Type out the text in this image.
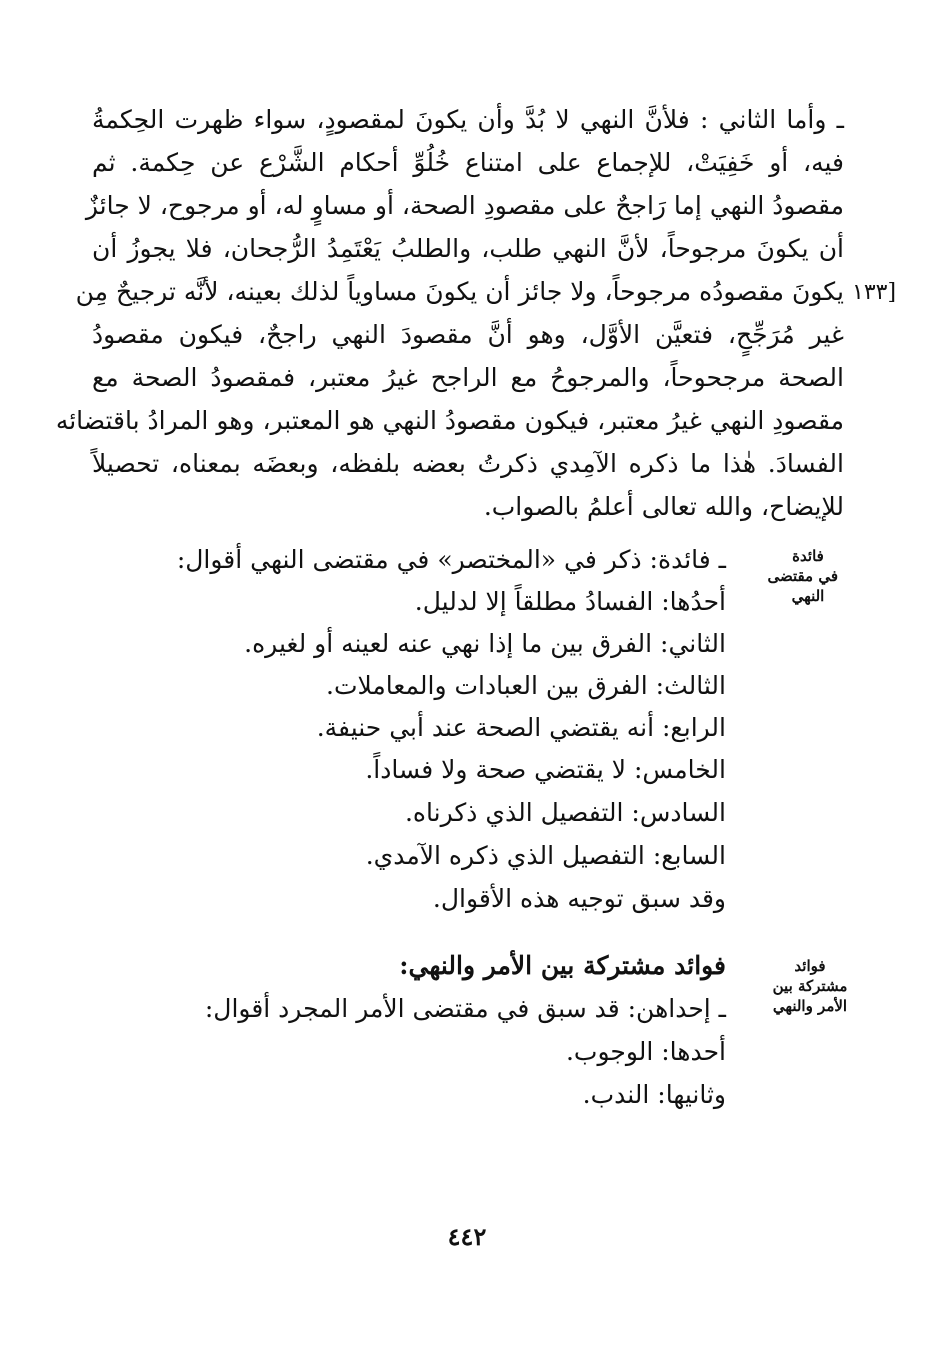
ـ وأما الثاني : فلأنَّ النهي لا بُدَّ وأن يكونَ لمقصودٍ، سواء ظهرت الحِكمةُ
فيه، أو خَفِيَتْ، للإجماع على امتناع خُلُوِّ أحكام الشَّرْع عن حِكمة. ثم
مقصودُ النهي إما رَاجحٌ على مقصودِ الصحة، أو مساوٍ له، أو مرجوح، لا جائزٌ
أن يكونَ مرجوحاً، لأنَّ النهي طلب، والطلبُ يَعْتَمِدُ الرُّجحان، فلا يجوزُ أن
يكونَ مقصودُه مرجوحاً، ولا جائز أن يكونَ مساوياً لذلك بعينه، لأنَّه ترجيحٌ مِن
غير مُرَجِّحٍ، فتعيَّن الأوَّل، وهو أنَّ مقصودَ النهي راجحٌ، فيكون مقصودُ
الصحة مرجحوحاً، والمرجوحُ مع الراجح غيرُ معتبر، فمقصودُ الصحة مع
مقصودِ النهي غيرُ معتبر، فيكون مقصودُ النهي هو المعتبر، وهو المرادُ باقتضائه
الفسادَ. هٰذا ما ذكره الآمِدي ذكرتُ بعضه بلفظه، وبعضَه بمعناه، تحصيلاً
للإيضاح، والله تعالى أعلمُ بالصواب.
[١٣٣
فائدة
في مقتضى
النهي
ـ فائدة: ذكر في «المختصر» في مقتضى النهي أقوال:
أحدُها: الفسادُ مطلقاً إلا لدليل.
الثاني: الفرق بين ما إذا نهي عنه لعينه أو لغيره.
الثالث: الفرق بين العبادات والمعاملات.
الرابع: أنه يقتضي الصحة عند أبي حنيفة.
الخامس: لا يقتضي صحة ولا فساداً.
السادس: التفصيل الذي ذكرناه.
السابع: التفصيل الذي ذكره الآمدي.
وقد سبق توجيه هذه الأقوال.
فوائد
مشتركة بين
الأمر والنهي
فوائد مشتركة بين الأمر والنهي:
ـ إحداهن: قد سبق في مقتضى الأمر المجرد أقوال:
أحدها: الوجوب.
وثانيها: الندب.
٤٤٢
